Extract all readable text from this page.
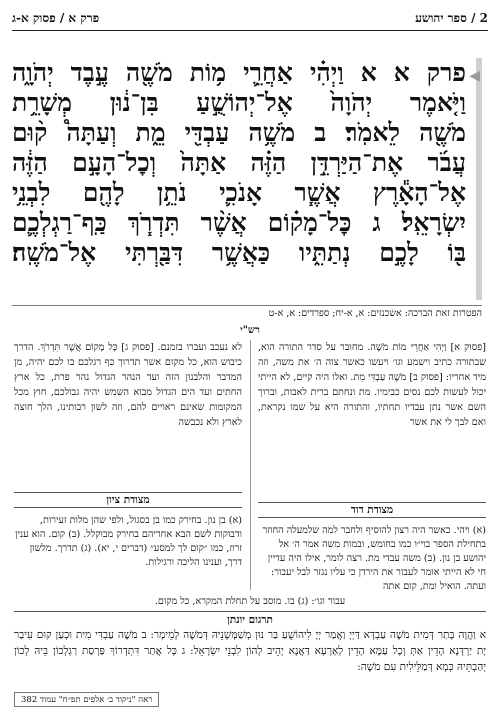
פרק א / פסוק א-ג	2 / ספר יהושע
◀
פרק א א וַיְהִ֗י אַחֲרֵ֛י מ֥וֹת מֹשֶׁ֖ה עֶ֣בֶד יְהֹוָ֑ה
וַיֹּ֤אמֶר יְהֹוָה֙ אֶל־יְהוֹשֻׁ֣עַ בִּן־נ֔וּן מְשָׁרֵ֥ת
מֹשֶׁ֖ה לֵאמֹֽר׃ ב מֹשֶׁ֥ה עַבְדִּ֖י מֵ֑ת וְעַתָּה֩ ק֨וּם
עֲבֹ֜ר אֶת־הַיַּרְדֵּ֣ן הַזֶּ֗ה אַתָּה֙ וְכׇל־הָעָ֣ם הַזֶּ֔ה
אֶל־הָאָ֕רֶץ אֲשֶׁ֧ר אָנֹכִ֛י נֹתֵ֥ן לָהֶ֖ם לִבְנֵ֥י
יִשְׂרָאֵֽל׃ ג כׇּל־מָק֗וֹם אֲשֶׁ֨ר תִּדְרֹ֧ךְ כַּֽף־רַגְלְכֶ֛ם
בּ֖וֹ לָכֶ֣ם נְתַתִּ֑יו כַּאֲשֶׁ֥ר דִּבַּ֖רְתִּי אֶל־מֹשֶֽׁה׃
הפטרות זאת הברכה: אשכנזים: א, א-יח; ספרדים: א, א-ט
רש"י
[פסוק א] וַיְהִי אַחֲרֵי מוֹת מֹשֶׁה. מחובר על סדר התורה הוא, שבתורה כתיב וישמע וגו׳ ויעשו כאשר צוה ה׳ את משה, וזה מיד אחריו: [פסוק ב] מֹשֶׁה עַבְדִּי מֵת. ואלו היה קיים, לא הייתי יכול לעשות לכם נסים כבימיו. מת ונחתם ברית לאבות, וברוך השם אשר נתן עבדיו תחתיו, והתורה היא על שמו נקראת, ואם לבך לי את אשר
לא נעכב ועברו בזמנם. [פסוק ג] כָּל מָקוֹם אֲשֶׁר תִּדְרֹךְ. הדרך כיבוש הוא, כל מקום אשר תדרוך כף רגלכם בו לכם יהיה, מן המדבר והלבנון הזה ועד הנהר הגדול נהר פרת, כל ארץ החתים ועד הים הגדול מבוא השמש יהיה גבולכם, חוץ מכל המקומות שאינם ראויים להם, וזה לשון רבותינו, הלך חוצה לארץ ולא נכבשה
מצודת ציון
(א) בן נון. בחירק כמו בן בסגול, ולפי שהן מלות זעירות, ודבוקות לשם הבא אחריהם בחירק מבוקלל. (ב) קום. הוא ענין זרוז, כמו ״קום לך למסע״ (דברים י, יא). (ג) תדרך. מלשון דרך, וענינו הליכה ורגילות.
מצודת דוד
(א) ויהי. כאשר היה רצון להוסיף ולחבר למה שלמעלה החוזר בתחילת הספר בוי״ו כמו בחומש, ובמות משה אמר ה׳ אל יהושע בן נון. (ב) משה עבדי מת. רצה לומר, אילו היה עדיין חי לא הייתי אומר לעבור את הירדן כי עליו נגזר לבל יעבור: ועתה. הואיל ומת, קום אתה
עבור וגו׳: (ג) בו. מוסב על תחלת המקרא, כל מקום.
תרגום יונתן
א וַהֲוָה בָּתַר דְּמִית מֹשֶׁה עַבְדָּא דַּיְיָ וַאֲמַר יְיָ לִיהוֹשֻׁעַ בַּר נוּן מְשַׁמְּשָׁנֵיהּ דְּמֹשֶׁה לְמֵימָר: ב מֹשֶׁה עַבְדִּי מִית וּכְעַן קוּם עִיבַר יָת יַרְדְּנָא הָדֵין אַתְּ וְכָל עַמָּא הָדֵין לְאַרְעָא דַּאֲנָא יָהֵיב לְהוֹן לִבְנֵי יִשְׂרָאֵל: ג כָּל אֲתַר דִּתְדְרוֹךְ פַּרְסַת רַגְלְכוֹן בֵּיהּ לְכוֹן יְהַבְתֵּיהּ כְּמָא דְּמַלֵּילִית עִם מֹשֶׁה:
ראה "ניקוד ב׳ אלפים תפ״ח" עמוד 382
